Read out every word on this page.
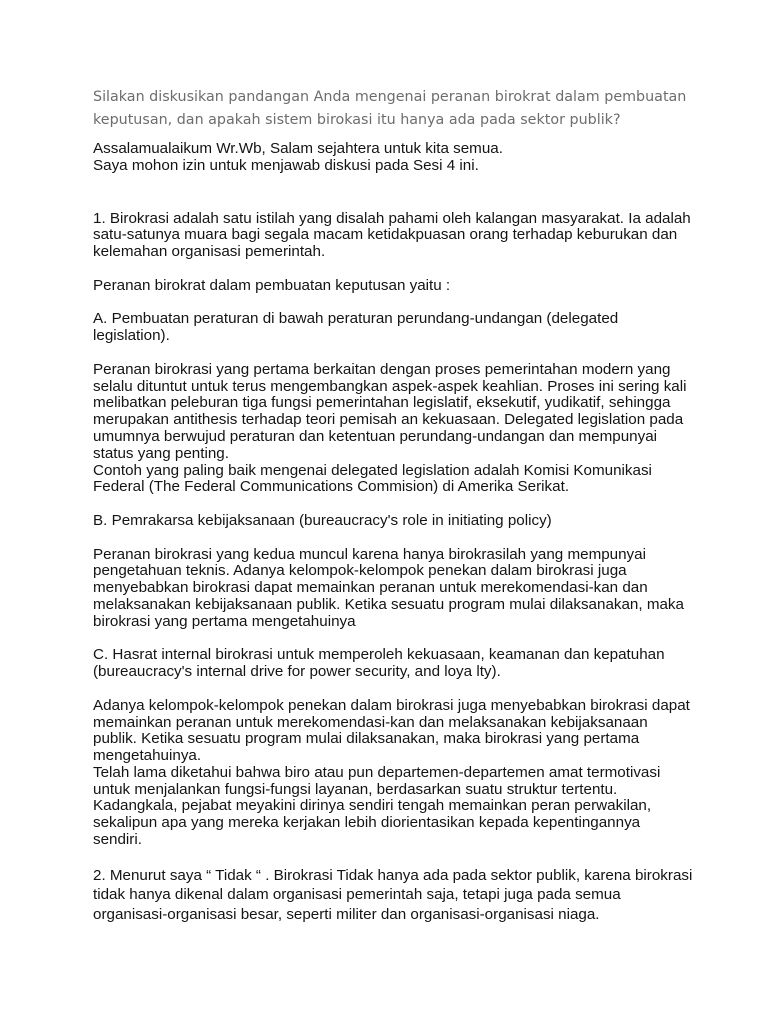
Silakan diskusikan pandangan Anda mengenai peranan birokrat dalam pembuatan keputusan, dan apakah sistem birokasi itu hanya ada pada sektor publik?

Assalamualaikum Wr.Wb, Salam sejahtera untuk kita semua.

Saya mohon izin untuk menjawab diskusi pada Sesi 4 ini.

1. Birokrasi adalah satu istilah yang disalah pahami oleh kalangan masyarakat. Ia adalah satu-satunya muara bagi segala macam ketidakpuasan orang terhadap keburukan dan kelemahan organisasi pemerintah.

Peranan birokrat dalam pembuatan keputusan yaitu :

A. Pembuatan peraturan di bawah peraturan perundang-undangan (delegated legislation).

Peranan birokrasi yang pertama berkaitan dengan proses pemerintahan modern yang selalu dituntut untuk terus mengembangkan aspek-aspek keahlian. Proses ini sering kali melibatkan peleburan tiga fungsi pemerintahan legislatif, eksekutif, yudikatif, sehingga merupakan antithesis terhadap teori pemisah an kekuasaan. Delegated legislation pada umumnya berwujud peraturan dan ketentuan perundang-undangan dan mempunyai status yang penting.

Contoh yang paling baik mengenai delegated legislation adalah Komisi Komunikasi Federal (The Federal Communications Commision) di Amerika Serikat.

B. Pemrakarsa kebijaksanaan (bureaucracy's role in initiating policy)

Peranan birokrasi yang kedua muncul karena hanya birokrasilah yang mempunyai pengetahuan teknis. Adanya kelompok-kelompok penekan dalam birokrasi juga menyebabkan birokrasi dapat memainkan peranan untuk merekomendasi-kan dan melaksanakan kebijaksanaan publik. Ketika sesuatu program mulai dilaksanakan, maka birokrasi yang pertama mengetahuinya

C. Hasrat internal birokrasi untuk memperoleh kekuasaan, keamanan dan kepatuhan (bureaucracy's internal drive for power security, and loya lty).

Adanya kelompok-kelompok penekan dalam birokrasi juga menyebabkan birokrasi dapat memainkan peranan untuk merekomendasi-kan dan melaksanakan kebijaksanaan publik. Ketika sesuatu program mulai dilaksanakan, maka birokrasi yang pertama mengetahuinya.

Telah lama diketahui bahwa biro atau pun departemen-departemen amat termotivasi untuk menjalankan fungsi-fungsi layanan, berdasarkan suatu struktur tertentu.

Kadangkala, pejabat meyakini dirinya sendiri tengah memainkan peran perwakilan, sekalipun apa yang mereka kerjakan lebih diorientasikan kepada kepentingannya sendiri.

2. Menurut saya “ Tidak “ . Birokrasi Tidak hanya ada pada sektor publik, karena birokrasi tidak hanya dikenal dalam organisasi pemerintah saja, tetapi juga pada semua organisasi-organisasi besar, seperti militer dan organisasi-organisasi niaga.
